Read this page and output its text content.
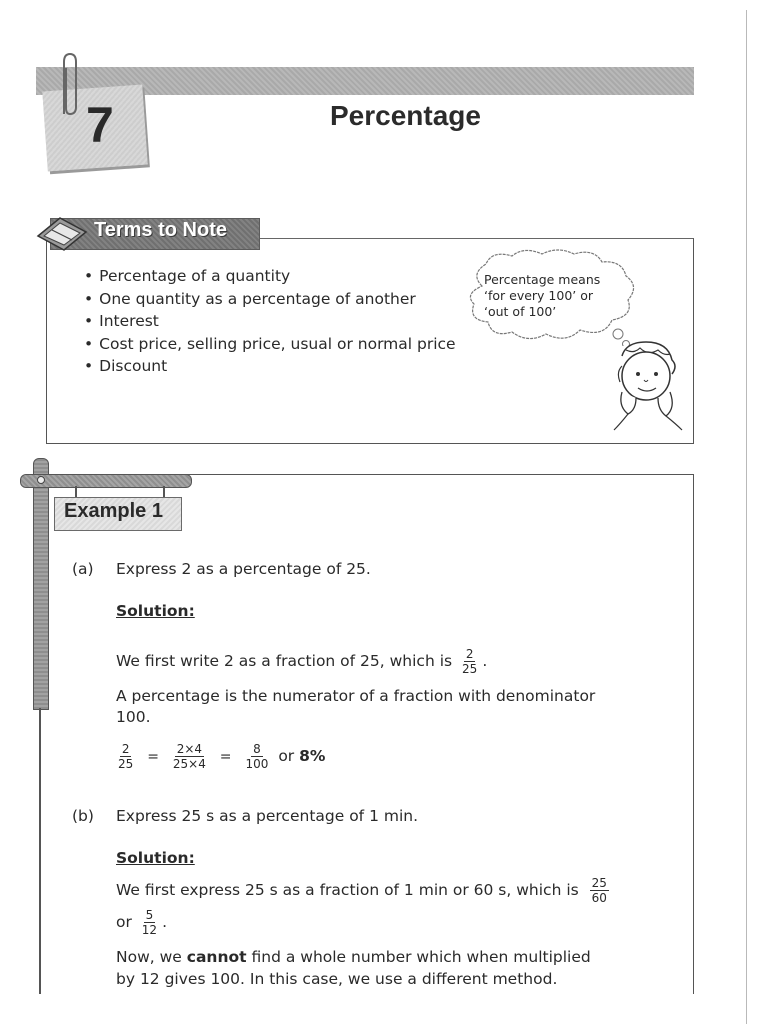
7	Percentage
Terms to Note
• Percentage of a quantity
• One quantity as a percentage of another
• Interest
• Cost price, selling price, usual or normal price
• Discount
Percentage means
‘for every 100’ or
‘out of 100’
Example 1
(a) Express 2 as a percentage of 25.
Solution:
We first write 2 as a fraction of 25, which is $\frac{2}{25}$ .
A percentage is the numerator of a fraction with denominator
100.
$\frac{2}{25} = \frac{2\times 4}{25\times 4} = \frac{8}{100}$ or 8%
(b) Express 25 s as a percentage of 1 min.
Solution:
We first express 25 s as a fraction of 1 min or 60 s, which is $\frac{25}{60}$
or $\frac{5}{12}$ .
Now, we cannot find a whole number which when multiplied
by 12 gives 100. In this case, we use a different method.
